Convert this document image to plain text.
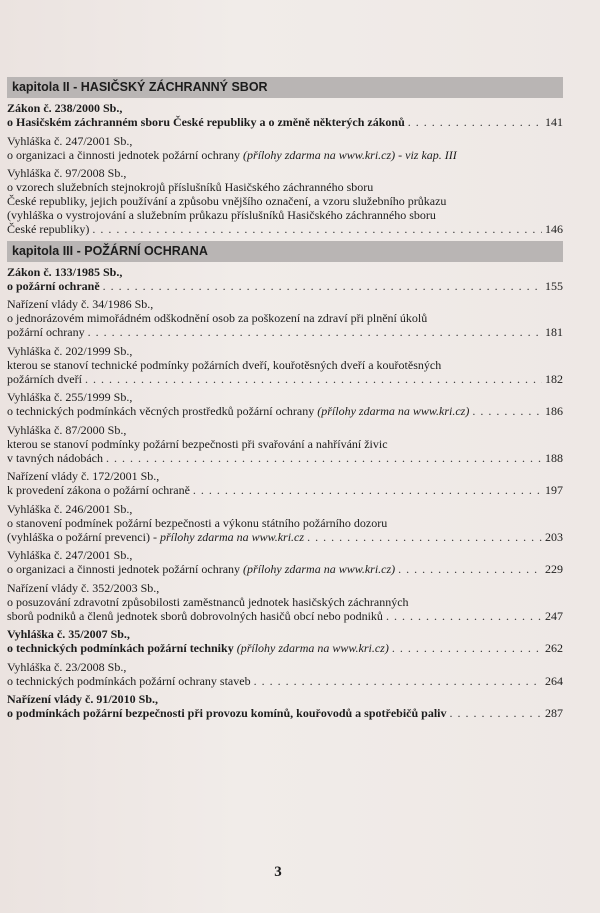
kapitola II - HASIČSKÝ ZÁCHRANNÝ SBOR
Zákon č. 238/2000 Sb.,
o Hasičském záchranném sboru České republiky a o změně některých zákonů . . .	141
Vyhláška č. 247/2001 Sb.,
o organizaci a činnosti jednotek požární ochrany (přílohy zdarma na www.kri.cz) - viz kap. III
Vyhláška č. 97/2008 Sb.,
o vzorech služebních stejnokrojů příslušníků Hasičského záchranného sboru
České republiky, jejich používání a způsobu vnějšího označení, a vzoru služebního průkazu
(vyhláška o vystrojování a služebním průkazu příslušníků Hasičského záchranného sboru
České republiky) . . .	146
kapitola III - POŽÁRNÍ OCHRANA
Zákon č. 133/1985 Sb.,
o požární ochraně . . .	155
Nařízení vlády č. 34/1986 Sb.,
o jednorázovém mimořádném odškodnění osob za poškození na zdraví při plnění úkolů
požární ochrany . . .	181
Vyhláška č. 202/1999 Sb.,
kterou se stanoví technické podmínky požárních dveří, kouřotěsných dveří a kouřotěsných
požárních dveří . . .	182
Vyhláška č. 255/1999 Sb.,
o technických podmínkách věcných prostředků požární ochrany (přílohy zdarma na www.kri.cz) . . .	186
Vyhláška č. 87/2000 Sb.,
kterou se stanoví podmínky požární bezpečnosti při svařování a nahřívání živic
v tavných nádobách . . .	188
Nařízení vlády č. 172/2001 Sb.,
k provedení zákona o požární ochraně . . .	197
Vyhláška č. 246/2001 Sb.,
o stanovení podmínek požární bezpečnosti a výkonu státního požárního dozoru
(vyhláška o požární prevenci) - přílohy zdarma na www.kri.cz . . .	203
Vyhláška č. 247/2001 Sb.,
o organizaci a činnosti jednotek požární ochrany (přílohy zdarma na www.kri.cz) . . .	229
Nařízení vlády č. 352/2003 Sb.,
o posuzování zdravotní způsobilosti zaměstnanců jednotek hasičských záchranných
sborů podniků a členů jednotek sborů dobrovolných hasičů obcí nebo podniků . . .	247
Vyhláška č. 35/2007 Sb.,
o technických podmínkách požární techniky (přílohy zdarma na www.kri.cz) . . .	262
Vyhláška č. 23/2008 Sb.,
o technických podmínkách požární ochrany staveb . . .	264
Nařízení vlády č. 91/2010 Sb.,
o podmínkách požární bezpečnosti při provozu komínů, kouřovodů a spotřebičů paliv . . .	287
3
